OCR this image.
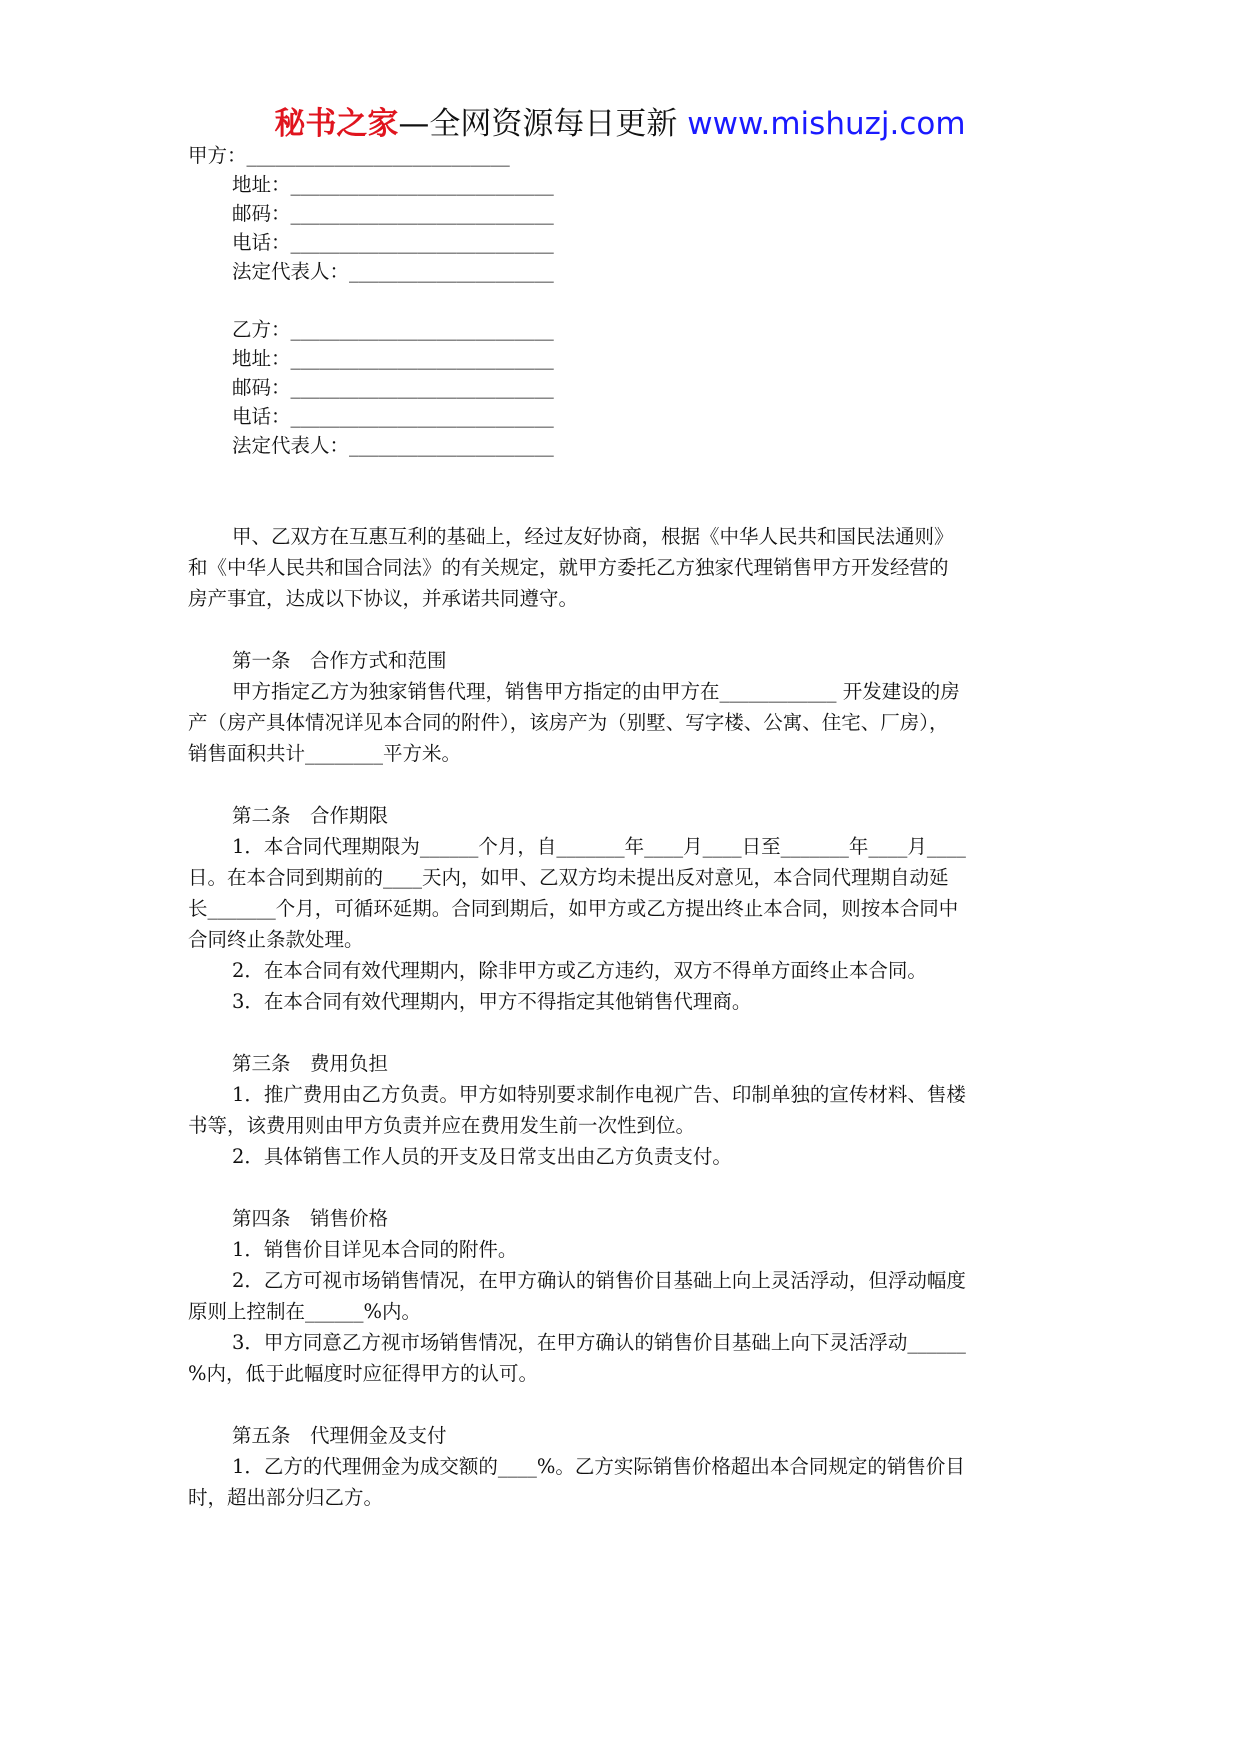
秘书之家—全网资源每日更新 www.mishuzj.com
甲方：___________________________
地址：___________________________
邮码：___________________________
电话：___________________________
法定代表人：_____________________
乙方：___________________________
地址：___________________________
邮码：___________________________
电话：___________________________
法定代表人：_____________________
甲、乙双方在互惠互利的基础上，经过友好协商，根据《中华人民共和国民法通则》
和《中华人民共和国合同法》的有关规定，就甲方委托乙方独家代理销售甲方开发经营的
房产事宜，达成以下协议，并承诺共同遵守。
第一条　合作方式和范围
甲方指定乙方为独家销售代理，销售甲方指定的由甲方在____________ 开发建设的房
产（房产具体情况详见本合同的附件），该房产为（别墅、写字楼、公寓、住宅、厂房），
销售面积共计________平方米。
第二条　合作期限
1．本合同代理期限为______个月，自_______年____月____日至_______年____月____
日。在本合同到期前的____天内，如甲、乙双方均未提出反对意见，本合同代理期自动延
长_______个月，可循环延期。合同到期后，如甲方或乙方提出终止本合同，则按本合同中
合同终止条款处理。
2．在本合同有效代理期内，除非甲方或乙方违约，双方不得单方面终止本合同。
3．在本合同有效代理期内，甲方不得指定其他销售代理商。
第三条　费用负担
1．推广费用由乙方负责。甲方如特别要求制作电视广告、印制单独的宣传材料、售楼
书等，该费用则由甲方负责并应在费用发生前一次性到位。
2．具体销售工作人员的开支及日常支出由乙方负责支付。
第四条　销售价格
1．销售价目详见本合同的附件。
2．乙方可视市场销售情况，在甲方确认的销售价目基础上向上灵活浮动，但浮动幅度
原则上控制在______%内。
3．甲方同意乙方视市场销售情况，在甲方确认的销售价目基础上向下灵活浮动______
%内，低于此幅度时应征得甲方的认可。
第五条　代理佣金及支付
1．乙方的代理佣金为成交额的____%。乙方实际销售价格超出本合同规定的销售价目
时，超出部分归乙方。
